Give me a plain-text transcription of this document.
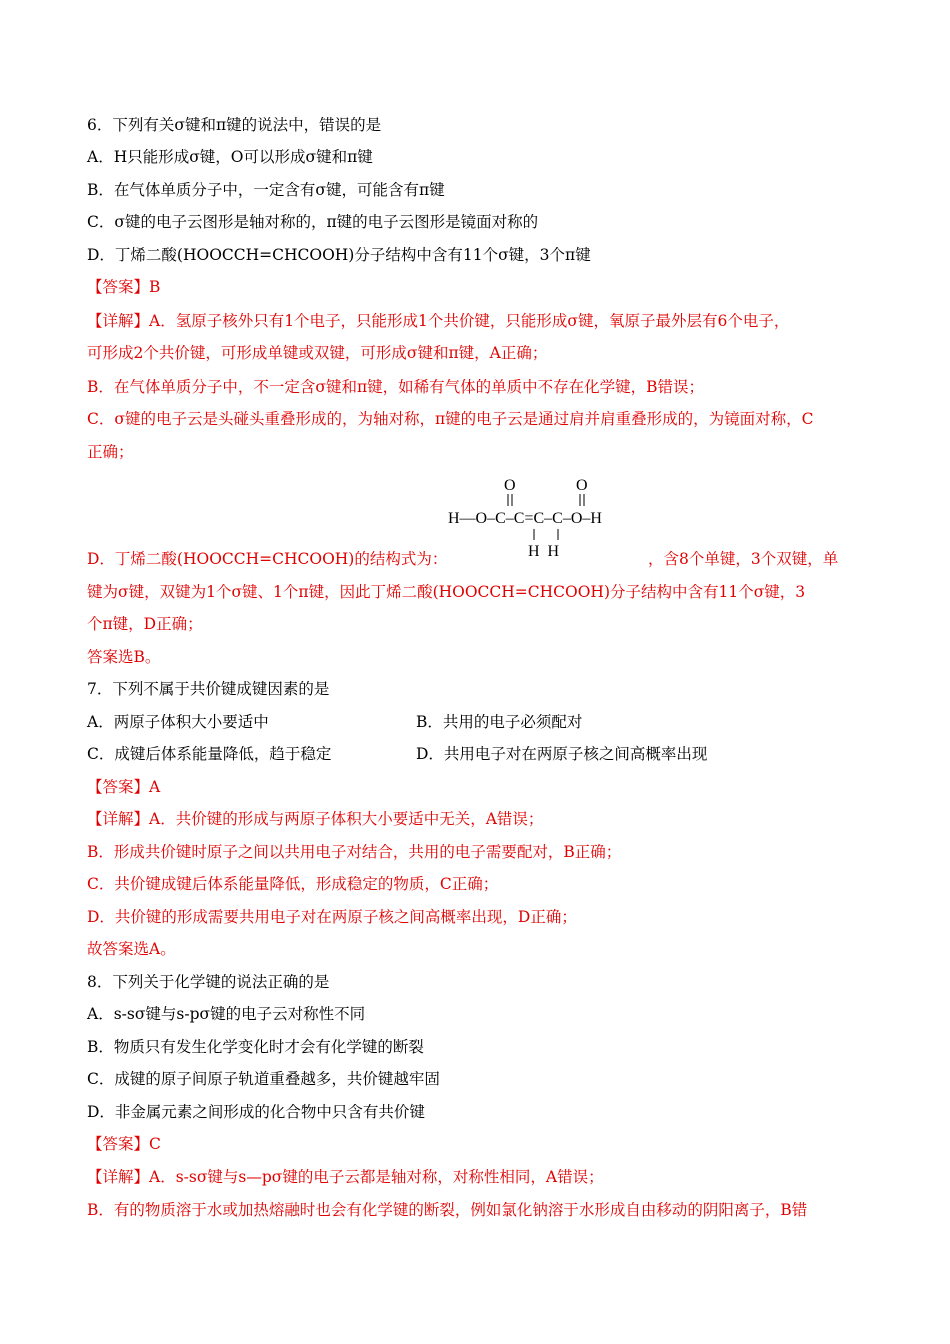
6．下列有关σ键和π键的说法中，错误的是
A．H只能形成σ键，O可以形成σ键和π键
B．在气体单质分子中，一定含有σ键，可能含有π键
C．σ键的电子云图形是轴对称的，π键的电子云图形是镜面对称的
D．丁烯二酸(HOOCCH=CHCOOH)分子结构中含有11个σ键，3个π键
【答案】B
【详解】A．氢原子核外只有1个电子，只能形成1个共价键，只能形成σ键，氧原子最外层有6个电子，
可形成2个共价键，可形成单键或双键，可形成σ键和π键，A正确；
B．在气体单质分子中，不一定含σ键和π键，如稀有气体的单质中不存在化学键，B错误；
C．σ键的电子云是头碰头重叠形成的，为轴对称，π键的电子云是通过肩并肩重叠形成的，为镜面对称，C
正确；
O	O
H—O–C–C=C–C–O–H
H  H
D．丁烯二酸(HOOCCH=CHCOOH)的结构式为：	，含8个单键，3个双键，单
键为σ键，双键为1个σ键、1个π键，因此丁烯二酸(HOOCCH=CHCOOH)分子结构中含有11个σ键，3
个π键，D正确；
答案选B。
7．下列不属于共价键成键因素的是
A．两原子体积大小要适中	B．共用的电子必须配对
C．成键后体系能量降低，趋于稳定	D．共用电子对在两原子核之间高概率出现
【答案】A
【详解】A．共价键的形成与两原子体积大小要适中无关，A错误；
B．形成共价键时原子之间以共用电子对结合，共用的电子需要配对，B正确；
C．共价键成键后体系能量降低，形成稳定的物质，C正确；
D．共价键的形成需要共用电子对在两原子核之间高概率出现，D正确；
故答案选A。
8．下列关于化学键的说法正确的是
A．s-sσ键与s-pσ键的电子云对称性不同
B．物质只有发生化学变化时才会有化学键的断裂
C．成键的原子间原子轨道重叠越多，共价键越牢固
D．非金属元素之间形成的化合物中只含有共价键
【答案】C
【详解】A．s-sσ键与s—pσ键的电子云都是轴对称，对称性相同，A错误；
B．有的物质溶于水或加热熔融时也会有化学键的断裂，例如氯化钠溶于水形成自由移动的阴阳离子，B错
